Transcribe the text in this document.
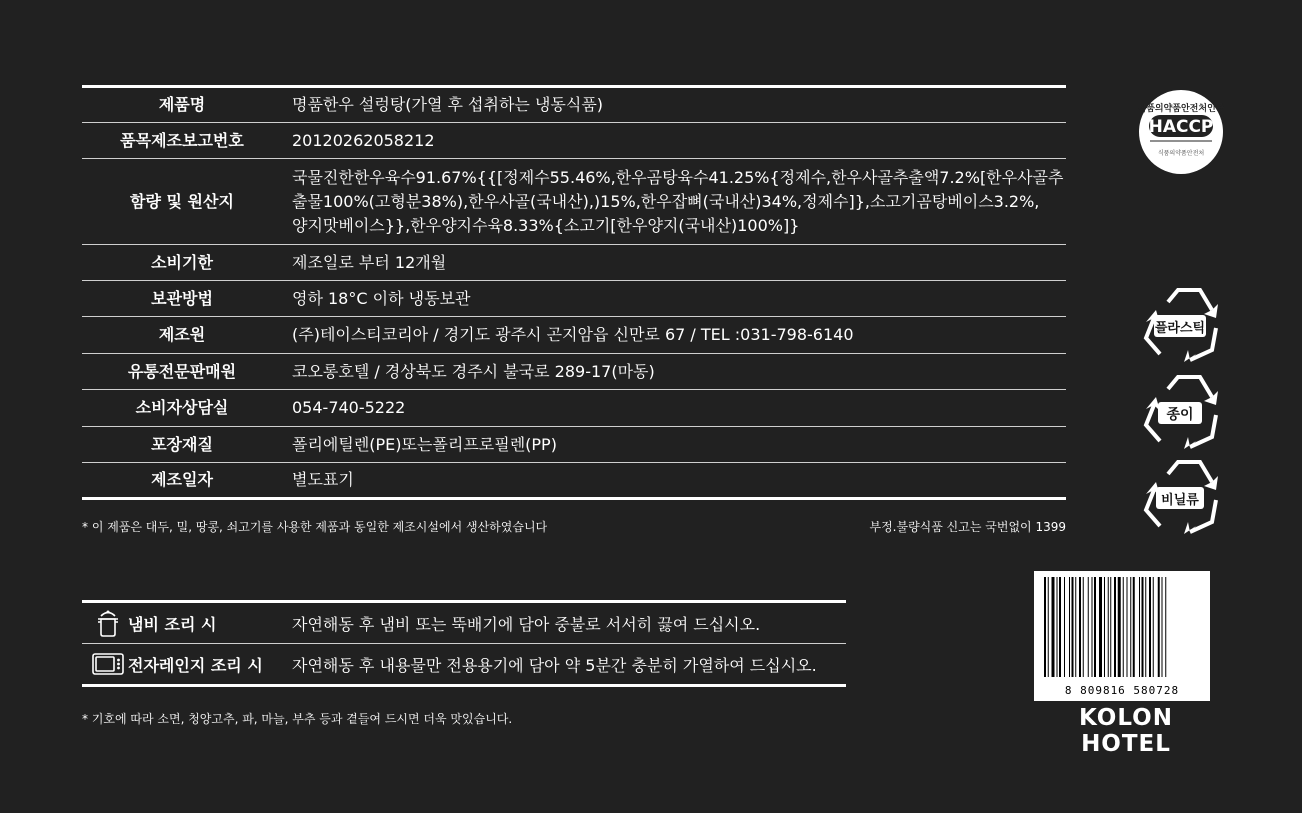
제품명	명품한우 설렁탕(가열 후 섭취하는 냉동식품)
품목제조보고번호	20120262058212
함량 및 원산지	국물진한한우육수91.67%{{[정제수55.46%,한우곰탕육수41.25%{정제수,한우사골추출액7.2%[한우사골추
출물100%(고형분38%),한우사골(국내산),)15%,한우잡뼈(국내산)34%,정제수]},소고기곰탕베이스3.2%,
양지맛베이스}},한우양지수육8.33%{소고기[한우양지(국내산)100%]}

소비기한	제조일로 부터 12개월
보관방법	영하 18°C 이하 냉동보관
제조원	(주)테이스티코리아 / 경기도 광주시 곤지암읍 신만로 67 / TEL :031-798-6140
유통전문판매원	코오롱호텔 / 경상북도 경주시 불국로 289-17(마동)
소비자상담실	054-740-5222
포장재질	폴리에틸렌(PE)또는폴리프로필렌(PP)
제조일자	별도표기
* 이 제품은 대두, 밀, 땅콩, 쇠고기를 사용한 제품과 동일한 제조시설에서 생산하였습니다	부정.불량식품 신고는 국번없이 1399
냄비 조리 시	자연해동 후 냄비 또는 뚝배기에 담아 중불로 서서히 끓여 드십시오.
전자레인지 조리 시	자연해동 후 내용물만 전용용기에 담아 약 5분간 충분히 가열하여 드십시오.
* 기호에 따라 소면, 청양고추, 파, 마늘, 부추 등과 곁들여 드시면 더욱 맛있습니다.
식품의약품안전처인증
HACCP
식품의약품안전처
플라스틱
종이
비닐류
8 809816 580728
KOLON HOTEL
